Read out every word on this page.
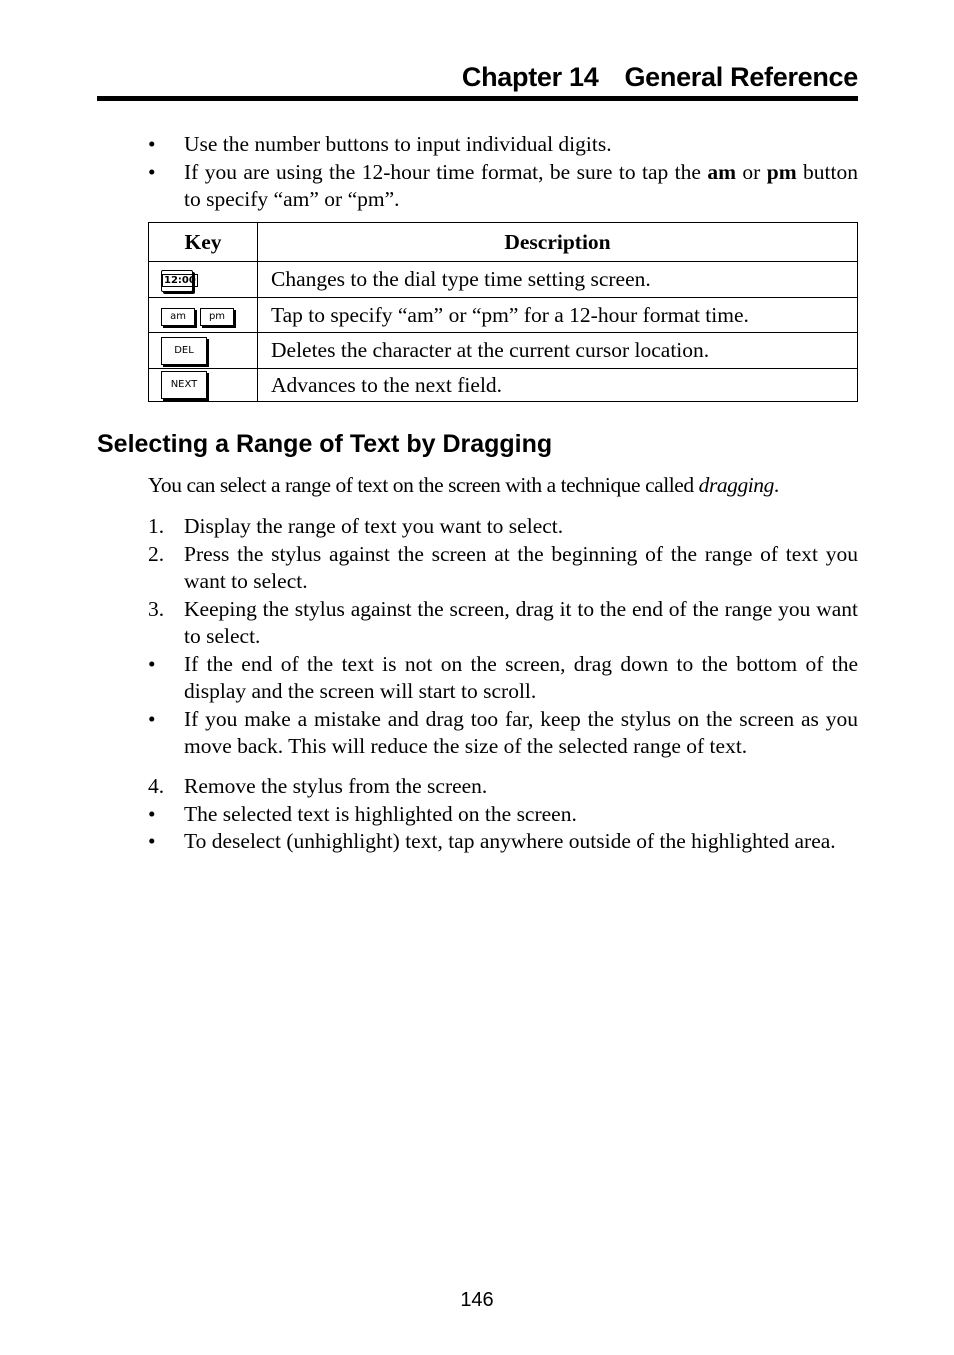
Chapter 14 General Reference
• Use the number buttons to input individual digits.
• If you are using the 12-hour time format, be sure to tap the am or pm button to specify “am” or “pm”.
Key	Description
12:00	Changes to the dial type time setting screen.
am pm	Tap to specify “am” or “pm” for a 12-hour format time.
DEL	Deletes the character at the current cursor location.
NEXT	Advances to the next field.
Selecting a Range of Text by Dragging
You can select a range of text on the screen with a technique called dragging.
1. Display the range of text you want to select.
2. Press the stylus against the screen at the beginning of the range of text you want to select.
3. Keeping the stylus against the screen, drag it to the end of the range you want to select.
• If the end of the text is not on the screen, drag down to the bottom of the display and the screen will start to scroll.
• If you make a mistake and drag too far, keep the stylus on the screen as you move back. This will reduce the size of the selected range of text.
4. Remove the stylus from the screen.
• The selected text is highlighted on the screen.
• To deselect (unhighlight) text, tap anywhere outside of the highlighted area.
146
